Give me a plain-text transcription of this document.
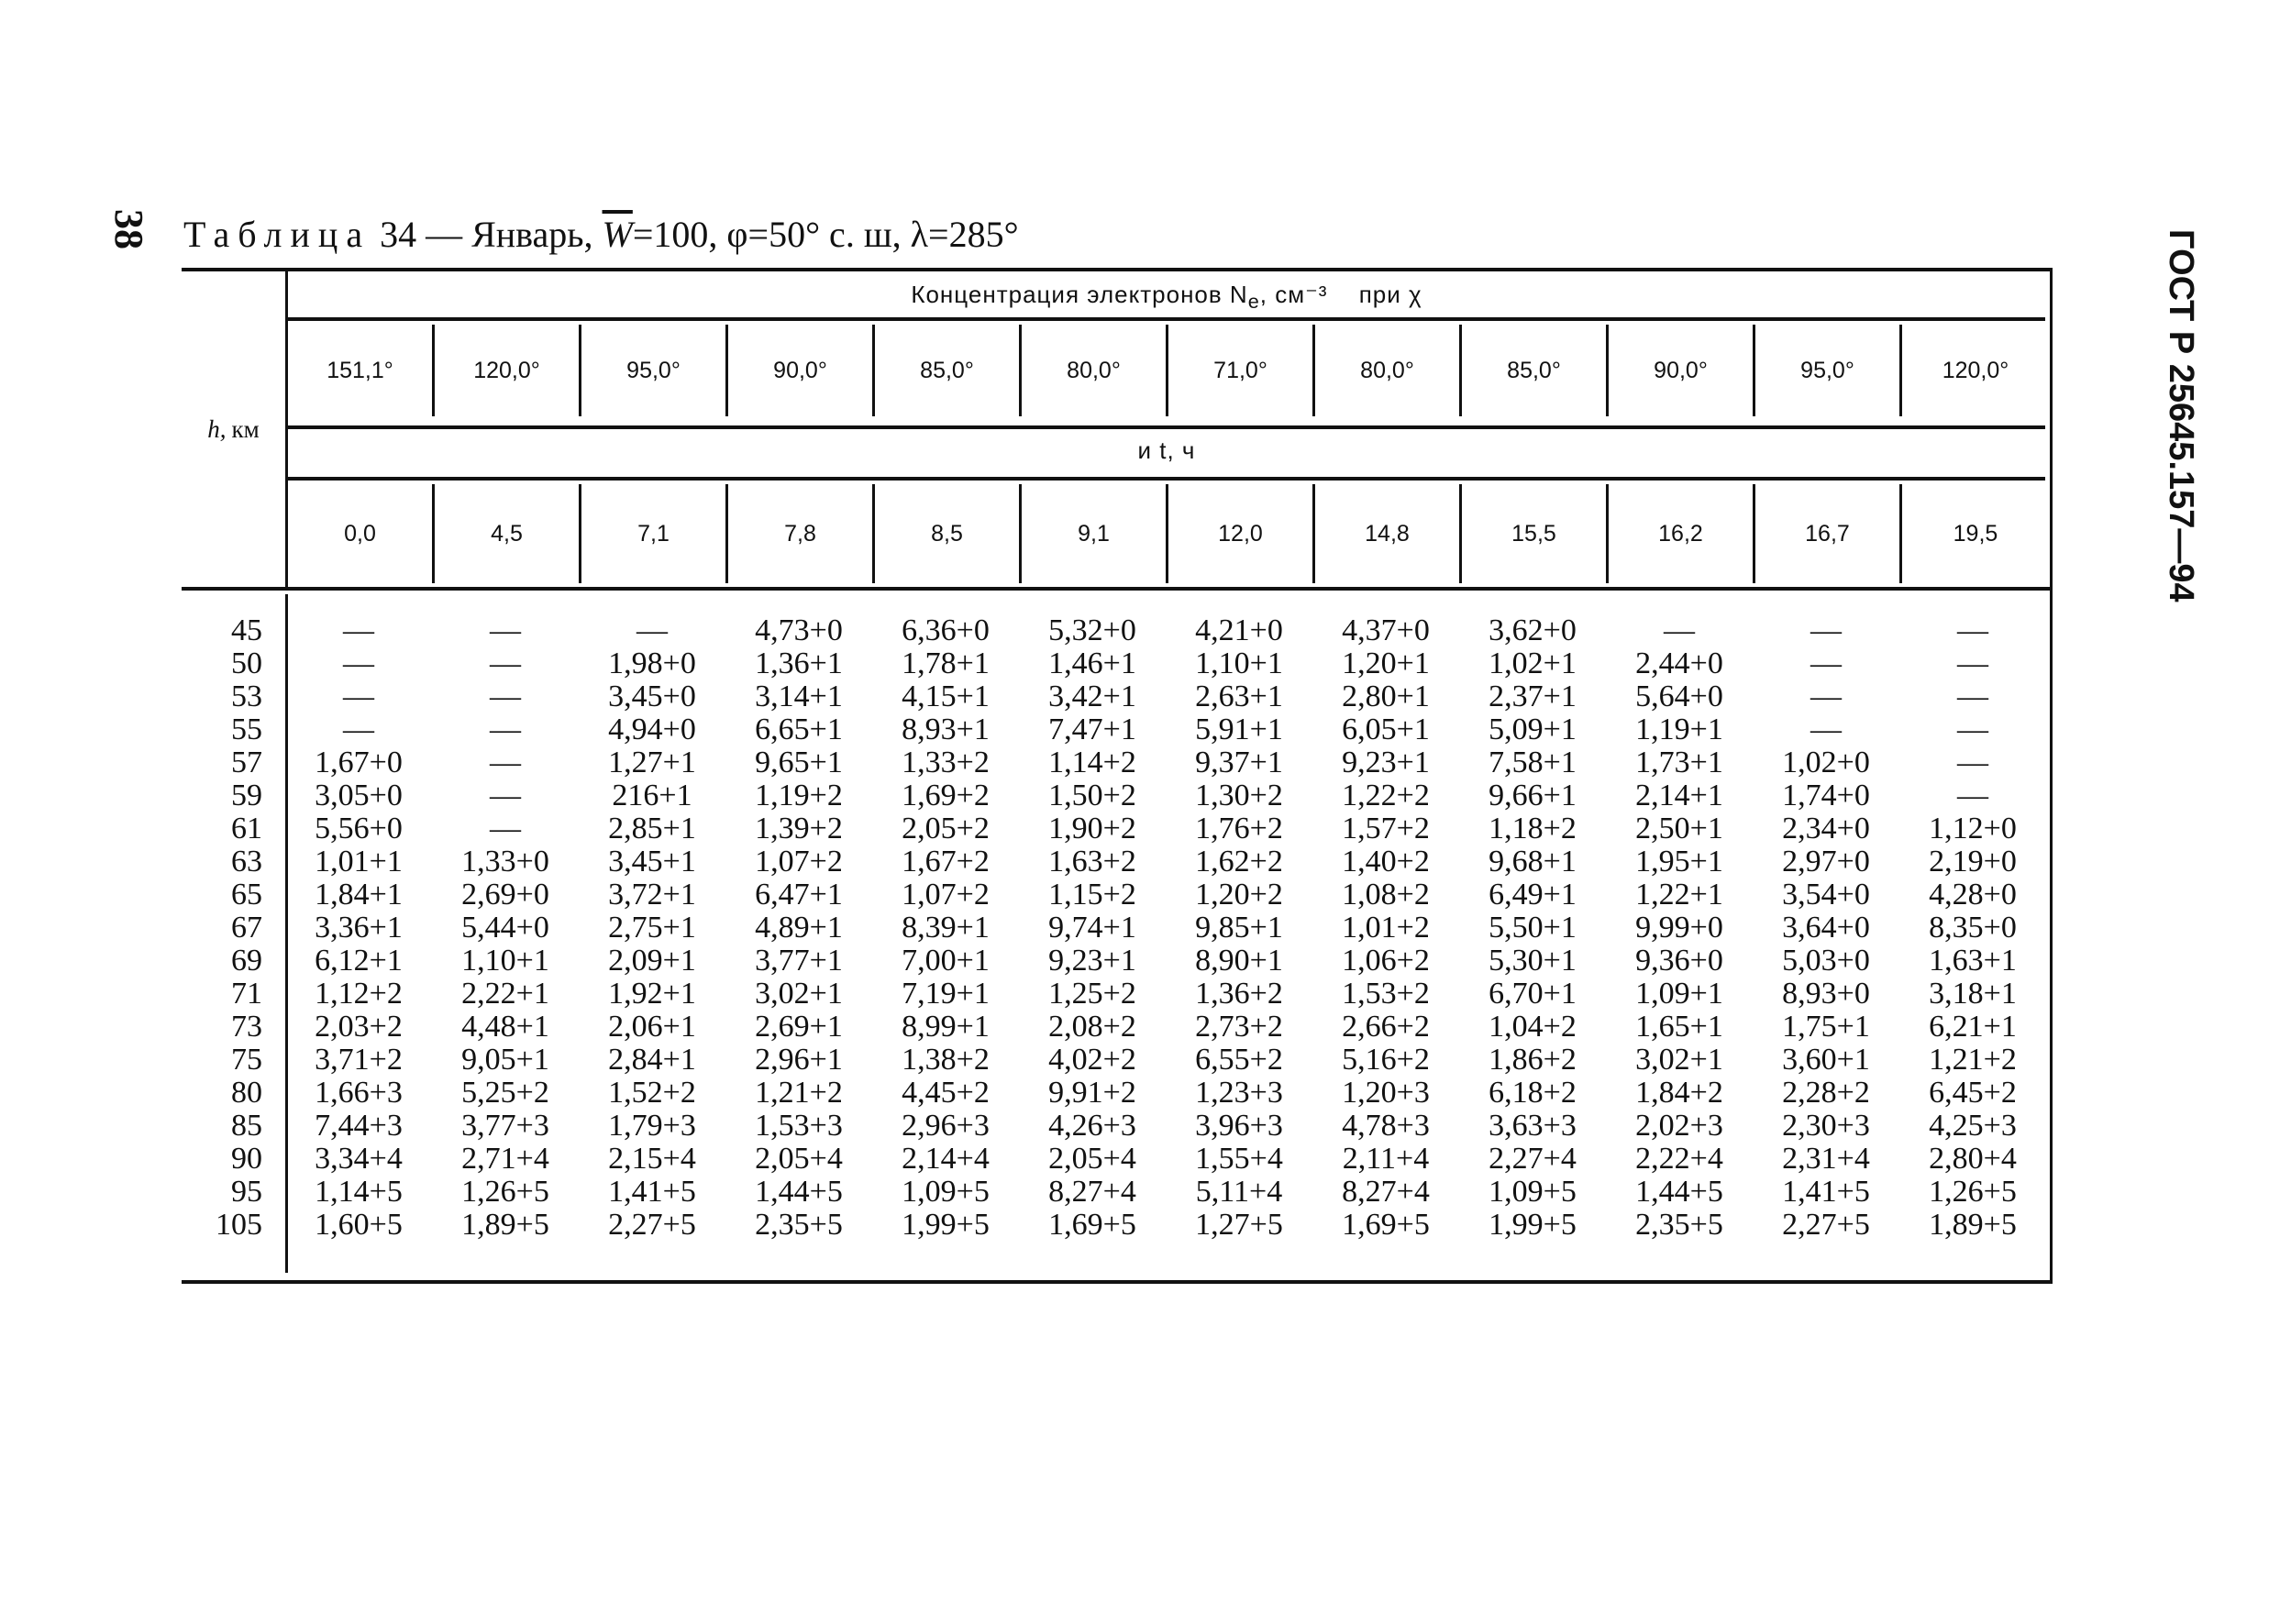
38 Таблица 34 — Январь, $\overline{W}=100$, φ=50° с. ш, λ=285°	ГОСТ Р 25645.157—94
h, км
Концентрация электронов $N_e$, см⁻³ при χ
151,1°	120,0°	95,0°	90,0°	85,0°	80,0°	71,0°	80,0°	85,0°	90,0°	95,0°	120,0°
и t, ч
0,0	4,5	7,1	7,8	8,5	9,1	12,0	14,8	15,5	16,2	16,7	19,5
45	—	—	—	4,73+0	6,36+0	5,32+0	4,21+0	4,37+0	3,62+0	—	—	—
50	—	—	1,98+0	1,36+1	1,78+1	1,46+1	1,10+1	1,20+1	1,02+1	2,44+0	—	—
53	—	—	3,45+0	3,14+1	4,15+1	3,42+1	2,63+1	2,80+1	2,37+1	5,64+0	—	—
55	—	—	4,94+0	6,65+1	8,93+1	7,47+1	5,91+1	6,05+1	5,09+1	1,19+1	—	—
57	1,67+0	—	1,27+1	9,65+1	1,33+2	1,14+2	9,37+1	9,23+1	7,58+1	1,73+1	1,02+0	—
59	3,05+0	—	216+1	1,19+2	1,69+2	1,50+2	1,30+2	1,22+2	9,66+1	2,14+1	1,74+0	—
61	5,56+0	—	2,85+1	1,39+2	2,05+2	1,90+2	1,76+2	1,57+2	1,18+2	2,50+1	2,34+0	1,12+0
63	1,01+1	1,33+0	3,45+1	1,07+2	1,67+2	1,63+2	1,62+2	1,40+2	9,68+1	1,95+1	2,97+0	2,19+0
65	1,84+1	2,69+0	3,72+1	6,47+1	1,07+2	1,15+2	1,20+2	1,08+2	6,49+1	1,22+1	3,54+0	4,28+0
67	3,36+1	5,44+0	2,75+1	4,89+1	8,39+1	9,74+1	9,85+1	1,01+2	5,50+1	9,99+0	3,64+0	8,35+0
69	6,12+1	1,10+1	2,09+1	3,77+1	7,00+1	9,23+1	8,90+1	1,06+2	5,30+1	9,36+0	5,03+0	1,63+1
71	1,12+2	2,22+1	1,92+1	3,02+1	7,19+1	1,25+2	1,36+2	1,53+2	6,70+1	1,09+1	8,93+0	3,18+1
73	2,03+2	4,48+1	2,06+1	2,69+1	8,99+1	2,08+2	2,73+2	2,66+2	1,04+2	1,65+1	1,75+1	6,21+1
75	3,71+2	9,05+1	2,84+1	2,96+1	1,38+2	4,02+2	6,55+2	5,16+2	1,86+2	3,02+1	3,60+1	1,21+2
80	1,66+3	5,25+2	1,52+2	1,21+2	4,45+2	9,91+2	1,23+3	1,20+3	6,18+2	1,84+2	2,28+2	6,45+2
85	7,44+3	3,77+3	1,79+3	1,53+3	2,96+3	4,26+3	3,96+3	4,78+3	3,63+3	2,02+3	2,30+3	4,25+3
90	3,34+4	2,71+4	2,15+4	2,05+4	2,14+4	2,05+4	1,55+4	2,11+4	2,27+4	2,22+4	2,31+4	2,80+4
95	1,14+5	1,26+5	1,41+5	1,44+5	1,09+5	8,27+4	5,11+4	8,27+4	1,09+5	1,44+5	1,41+5	1,26+5
105	1,60+5	1,89+5	2,27+5	2,35+5	1,99+5	1,69+5	1,27+5	1,69+5	1,99+5	2,35+5	2,27+5	1,89+5
